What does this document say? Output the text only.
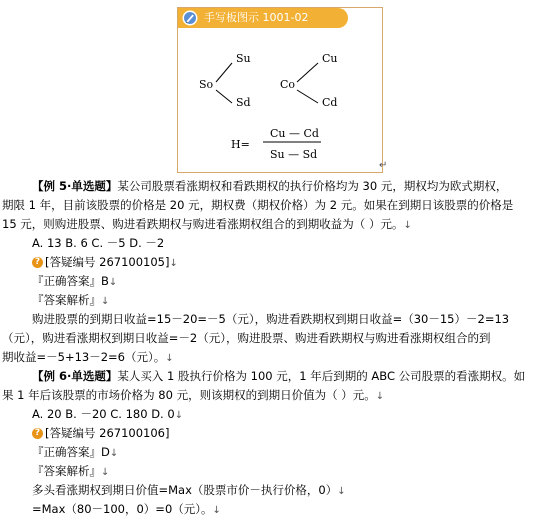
手写板图示 1001-02
So
Su
Sd
Co
Cu
Cd
H=
Cu — Cd
Su — Sd
↵
【例 5·单选题】某公司股票看涨期权和看跌期权的执行价格均为 30 元，期权均为欧式期权，
期限 1 年，目前该股票的价格是 20 元，期权费（期权价格）为 2 元。如果在到期日该股票的价格是
15 元，则购进股票、购进看跌期权与购进看涨期权组合的到期收益为（ ）元。↓
A. 13 B. 6 C. －5 D. －2
? [答疑编号 267100105]↓
『正确答案』B↓
『答案解析』↓
购进股票的到期日收益=15－20=－5（元），购进看跌期权到期日收益=（30－15）－2=13
（元），购进看涨期权到期日收益=－2（元），购进股票、购进看跌期权与购进看涨期权组合的到
期收益=－5+13－2=6（元）。↓
【例 6·单选题】某人买入 1 股执行价格为 100 元，1 年后到期的 ABC 公司股票的看涨期权。如
果 1 年后该股票的市场价格为 80 元，则该期权的到期日价值为（ ）元。↓
A. 20 B. －20 C. 180 D. 0↓
? [答疑编号 267100106]
『正确答案』D↓
『答案解析』↓
多头看涨期权到期日价值=Max（股票市价－执行价格，0）↓
=Max（80－100，0）=0（元）。↓
